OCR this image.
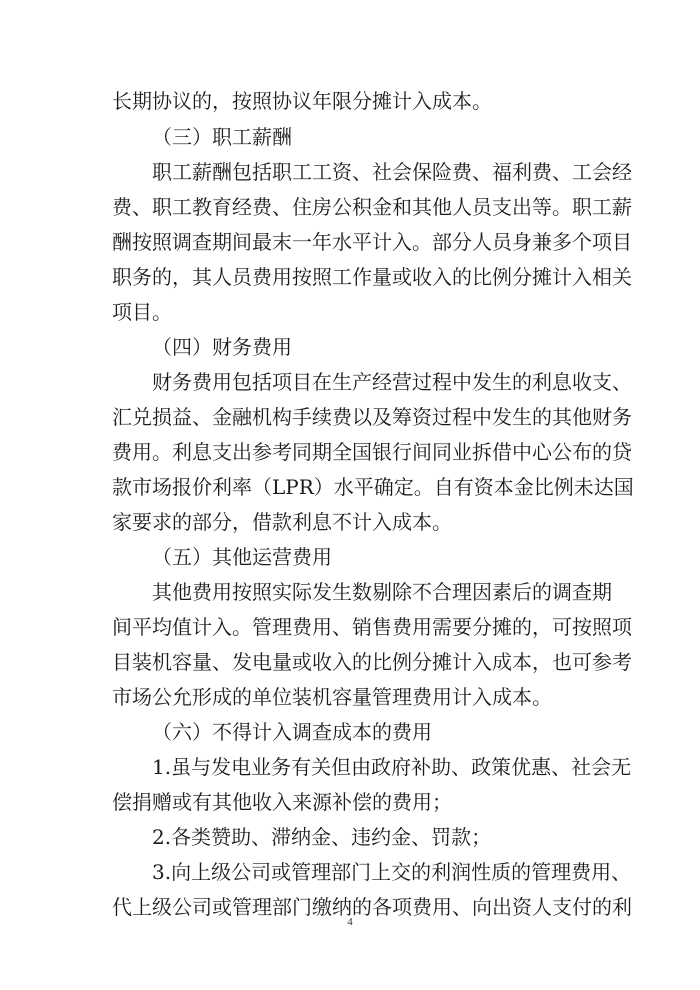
长期协议的，按照协议年限分摊计入成本。
（三）职工薪酬
职工薪酬包括职工工资、社会保险费、福利费、工会经
费、职工教育经费、住房公积金和其他人员支出等。职工薪
酬按照调查期间最末一年水平计入。部分人员身兼多个项目
职务的，其人员费用按照工作量或收入的比例分摊计入相关
项目。
（四）财务费用
财务费用包括项目在生产经营过程中发生的利息收支、
汇兑损益、金融机构手续费以及筹资过程中发生的其他财务
费用。利息支出参考同期全国银行间同业拆借中心公布的贷
款市场报价利率（LPR）水平确定。自有资本金比例未达国
家要求的部分，借款利息不计入成本。
（五）其他运营费用
其他费用按照实际发生数剔除不合理因素后的调查期
间平均值计入。管理费用、销售费用需要分摊的，可按照项
目装机容量、发电量或收入的比例分摊计入成本，也可参考
市场公允形成的单位装机容量管理费用计入成本。
（六）不得计入调查成本的费用
1.虽与发电业务有关但由政府补助、政策优惠、社会无
偿捐赠或有其他收入来源补偿的费用；
2.各类赞助、滞纳金、违约金、罚款；
3.向上级公司或管理部门上交的利润性质的管理费用、
代上级公司或管理部门缴纳的各项费用、向出资人支付的利
4
